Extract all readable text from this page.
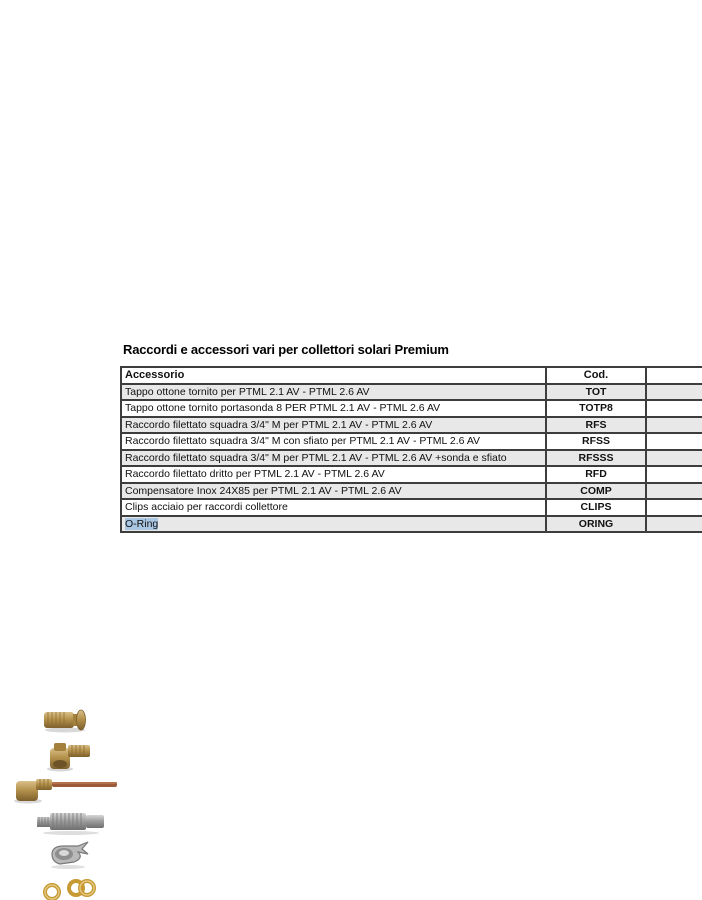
Raccordi e accessori vari per collettori solari Premium
Accessorio	Cod.	
Tappo ottone tornito per PTML 2.1 AV - PTML 2.6 AV	TOT	
Tappo ottone tornito portasonda 8 PER PTML 2.1 AV - PTML 2.6 AV	TOTP8	
Raccordo filettato squadra 3/4" M per PTML 2.1 AV - PTML 2.6 AV	RFS	
Raccordo filettato squadra 3/4" M con sfiato per PTML 2.1 AV - PTML 2.6 AV	RFSS	
Raccordo filettato squadra 3/4" M per PTML 2.1 AV - PTML 2.6 AV +sonda e sfiato	RFSSS	
Raccordo filettato dritto per PTML 2.1 AV - PTML 2.6 AV	RFD	
Compensatore Inox 24X85 per PTML 2.1 AV - PTML 2.6 AV	COMP	
Clips acciaio per raccordi collettore	CLIPS	
O-Ring	ORING	
